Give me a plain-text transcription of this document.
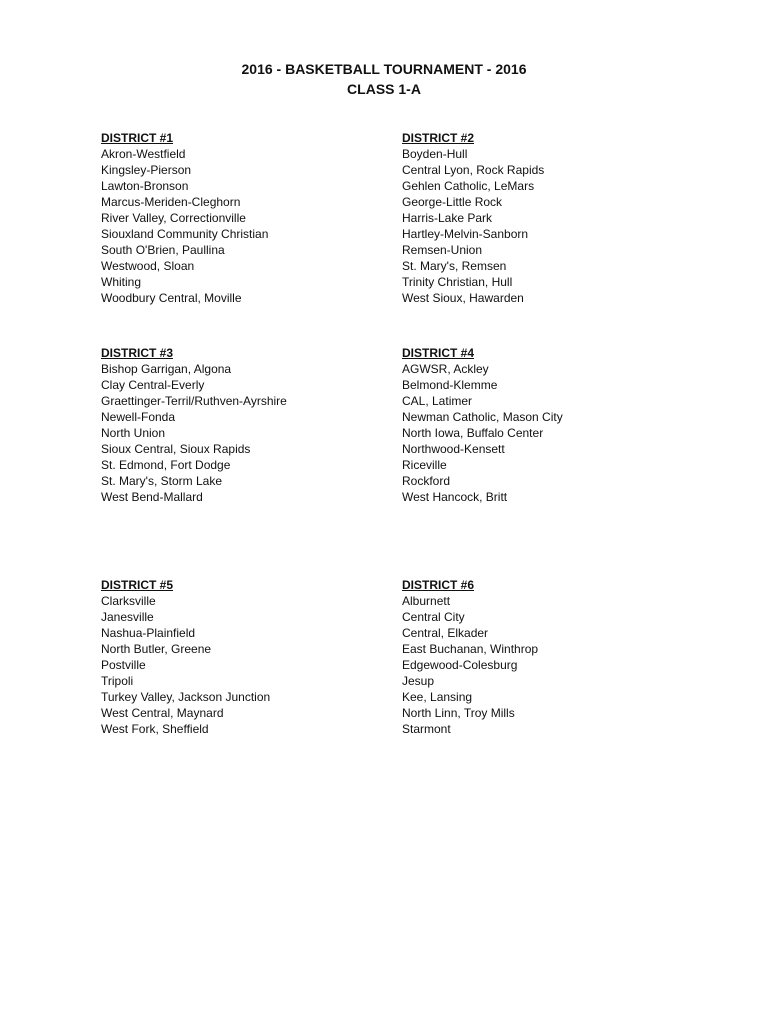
2016 - BASKETBALL TOURNAMENT - 2016
CLASS 1-A
DISTRICT #1
Akron-Westfield
Kingsley-Pierson
Lawton-Bronson
Marcus-Meriden-Cleghorn
River Valley, Correctionville
Siouxland Community Christian
South O'Brien, Paullina
Westwood, Sloan
Whiting
Woodbury Central, Moville
DISTRICT #2
Boyden-Hull
Central Lyon, Rock Rapids
Gehlen Catholic, LeMars
George-Little Rock
Harris-Lake Park
Hartley-Melvin-Sanborn
Remsen-Union
St. Mary's, Remsen
Trinity Christian, Hull
West Sioux, Hawarden
DISTRICT #3
Bishop Garrigan, Algona
Clay Central-Everly
Graettinger-Terril/Ruthven-Ayrshire
Newell-Fonda
North Union
Sioux Central, Sioux Rapids
St. Edmond, Fort Dodge
St. Mary's, Storm Lake
West Bend-Mallard
DISTRICT #4
AGWSR, Ackley
Belmond-Klemme
CAL, Latimer
Newman Catholic, Mason City
North Iowa, Buffalo Center
Northwood-Kensett
Riceville
Rockford
West Hancock, Britt
DISTRICT #5
Clarksville
Janesville
Nashua-Plainfield
North Butler, Greene
Postville
Tripoli
Turkey Valley, Jackson Junction
West Central, Maynard
West Fork, Sheffield
DISTRICT #6
Alburnett
Central City
Central, Elkader
East Buchanan, Winthrop
Edgewood-Colesburg
Jesup
Kee, Lansing
North Linn, Troy Mills
Starmont
